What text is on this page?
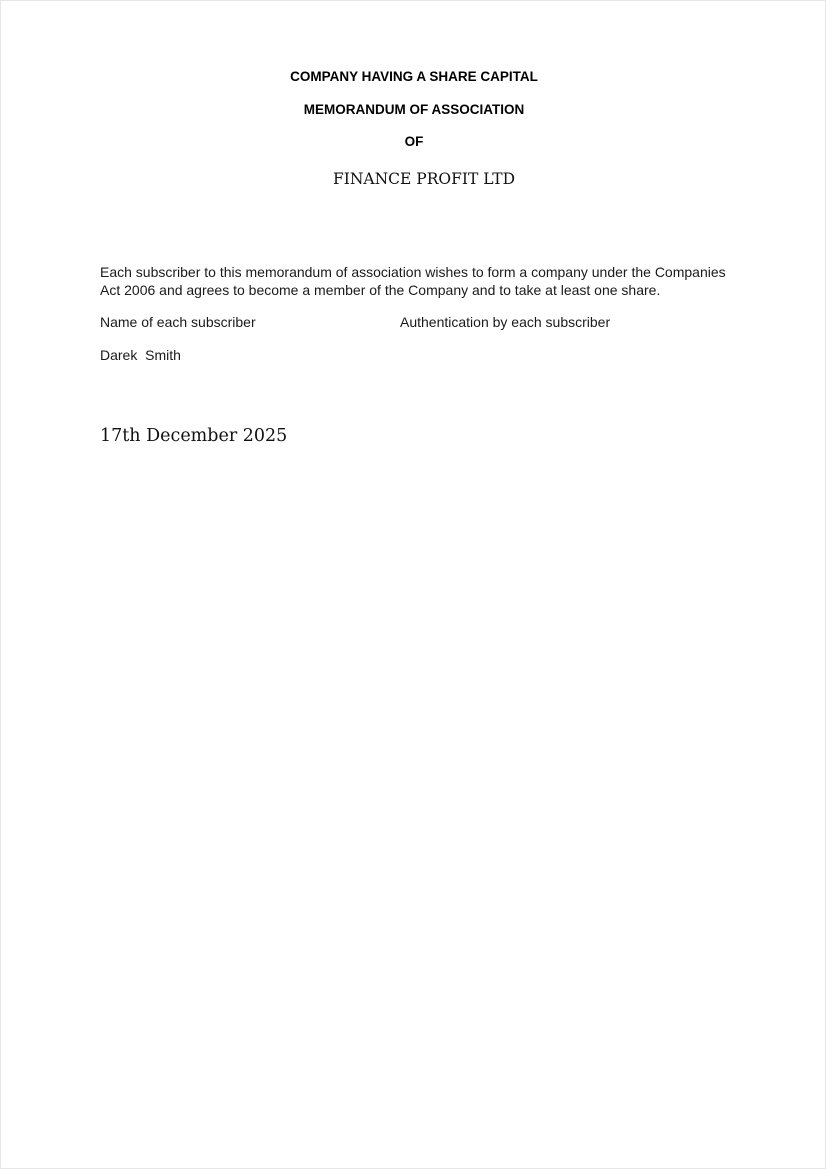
COMPANY HAVING A SHARE CAPITAL
MEMORANDUM OF ASSOCIATION
OF
FINANCE PROFIT LTD
Each subscriber to this memorandum of association wishes to form a company under the Companies
Act 2006 and agrees to become a member of the Company and to take at least one share.
Name of each subscriber	Authentication by each subscriber
Darek  Smith
17th December 2025
